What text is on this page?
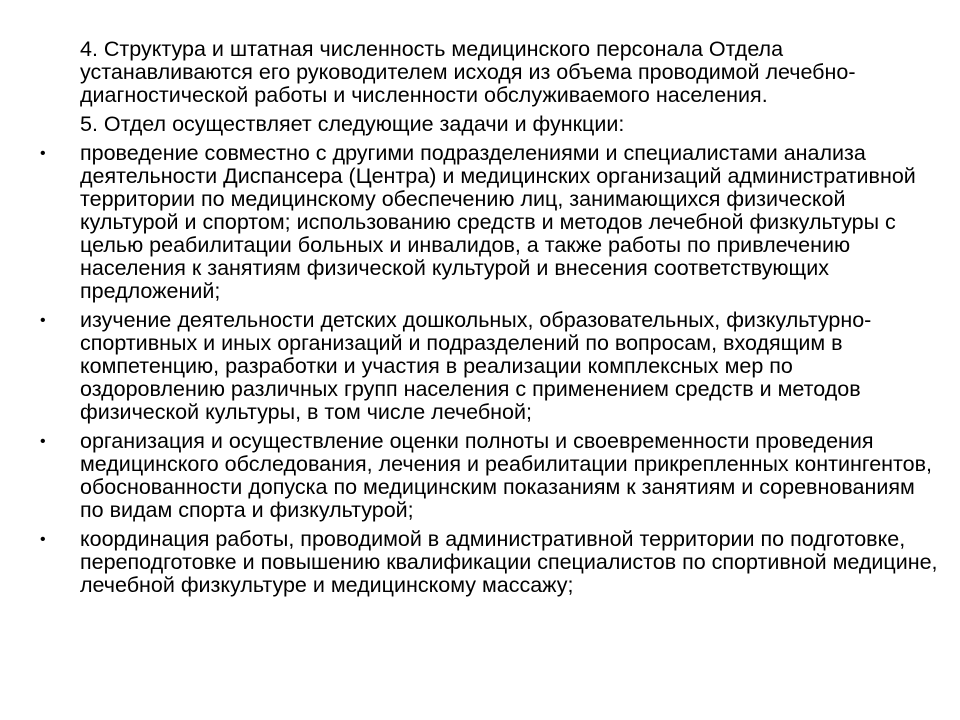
4. Структура и штатная численность медицинского персонала Отдела устанавливаются его руководителем исходя из объема проводимой лечебно-диагностической работы и численности обслуживаемого населения.

5. Отдел осуществляет следующие задачи и функции:

• проведение совместно с другими подразделениями и специалистами анализа деятельности Диспансера (Центра) и медицинских организаций административной территории по медицинскому обеспечению лиц, занимающихся физической культурой и спортом; использованию средств и методов лечебной физкультуры с целью реабилитации больных и инвалидов, а также работы по привлечению населения к занятиям физической культурой и внесения соответствующих предложений;

• изучение деятельности детских дошкольных, образовательных, физкультурно-спортивных и иных организаций и подразделений по вопросам, входящим в компетенцию, разработки и участия в реализации комплексных мер по оздоровлению различных групп населения с применением средств и методов физической культуры, в том числе лечебной;

• организация и осуществление оценки полноты и своевременности проведения медицинского обследования, лечения и реабилитации прикрепленных контингентов, обоснованности допуска по медицинским показаниям к занятиям и соревнованиям по видам спорта и физкультурой;

• координация работы, проводимой в административной территории по подготовке, переподготовке и повышению квалификации специалистов по спортивной медицине, лечебной физкультуре и медицинскому массажу;
